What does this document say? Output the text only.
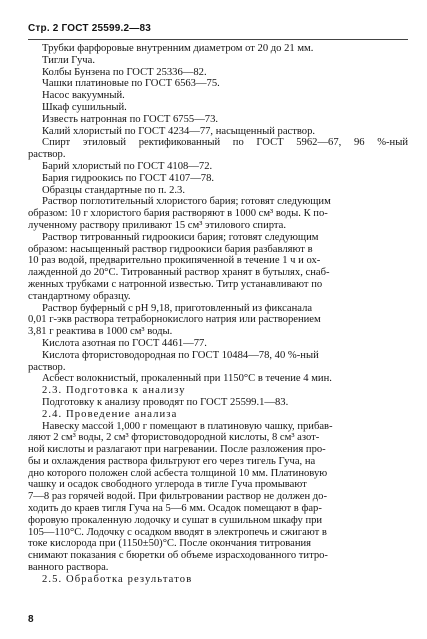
Стр. 2 ГОСТ 25599.2—83
Трубки фарфоровые внутренним диаметром от 20 до 21 мм.
Тигли Гуча.
Колбы Бунзена по ГОСТ 25336—82.
Чашки платиновые по ГОСТ 6563—75.
Насос вакуумный.
Шкаф сушильный.
Известь натронная по ГОСТ 6755—73.
Калий хлористый по ГОСТ 4234—77, насыщенный раствор.
Спирт этиловый ректификованный по ГОСТ 5962—67, 96 %-ный
раствор.
Барий хлористый по ГОСТ 4108—72.
Бария гидроокись по ГОСТ 4107—78.
Образцы стандартные по п. 2.3.
Раствор поглотительный хлористого бария; готовят следующим
образом: 10 г хлористого бария растворяют в 1000 см³ воды. К по-
лученному раствору приливают 15 см³ этилового спирта.
Раствор титрованный гидроокиси бария; готовят следующим
образом: насыщенный раствор гидроокиси бария разбавляют в
10 раз водой, предварительно прокипяченной в течение 1 ч и ох-
лажденной до 20°С. Титрованный раствор хранят в бутылях, снаб-
женных трубками с натронной известью. Титр устанавливают по
стандартному образцу.
Раствор буферный с рН 9,18, приготовленный из фиксанала
0,01 г-экв раствора тетраборнокислого натрия или растворением
3,81 г реактива в 1000 см³ воды.
Кислота азотная по ГОСТ 4461—77.
Кислота фтористоводородная по ГОСТ 10484—78, 40 %-ный
раствор.
Асбест волокнистый, прокаленный при 1150°С в течение 4 мин.
2.3. Подготовка к анализу
Подготовку к анализу проводят по ГОСТ 25599.1—83.
2.4. Проведение анализа
Навеску массой 1,000 г помещают в платиновую чашку, прибав-
ляют 2 см³ воды, 2 см³ фтористоводородной кислоты, 8 см³ азот-
ной кислоты и разлагают при нагревании. После разложения про-
бы и охлаждения раствора фильтруют его через тигель Гуча, на
дно которого положен слой асбеста толщиной 10 мм. Платиновую
чашку и осадок свободного углерода в тигле Гуча промывают
7—8 раз горячей водой. При фильтровании раствор не должен до-
ходить до краев тигля Гуча на 5—6 мм. Осадок помещают в фар-
форовую прокаленную лодочку и сушат в сушильном шкафу при
105—110°С. Лодочку с осадком вводят в электропечь и сжигают в
токе кислорода при (1150±50)°С. После окончания титрования
снимают показания с бюретки об объеме израсходованного титро-
ванного раствора.
2.5. Обработка результатов
8
